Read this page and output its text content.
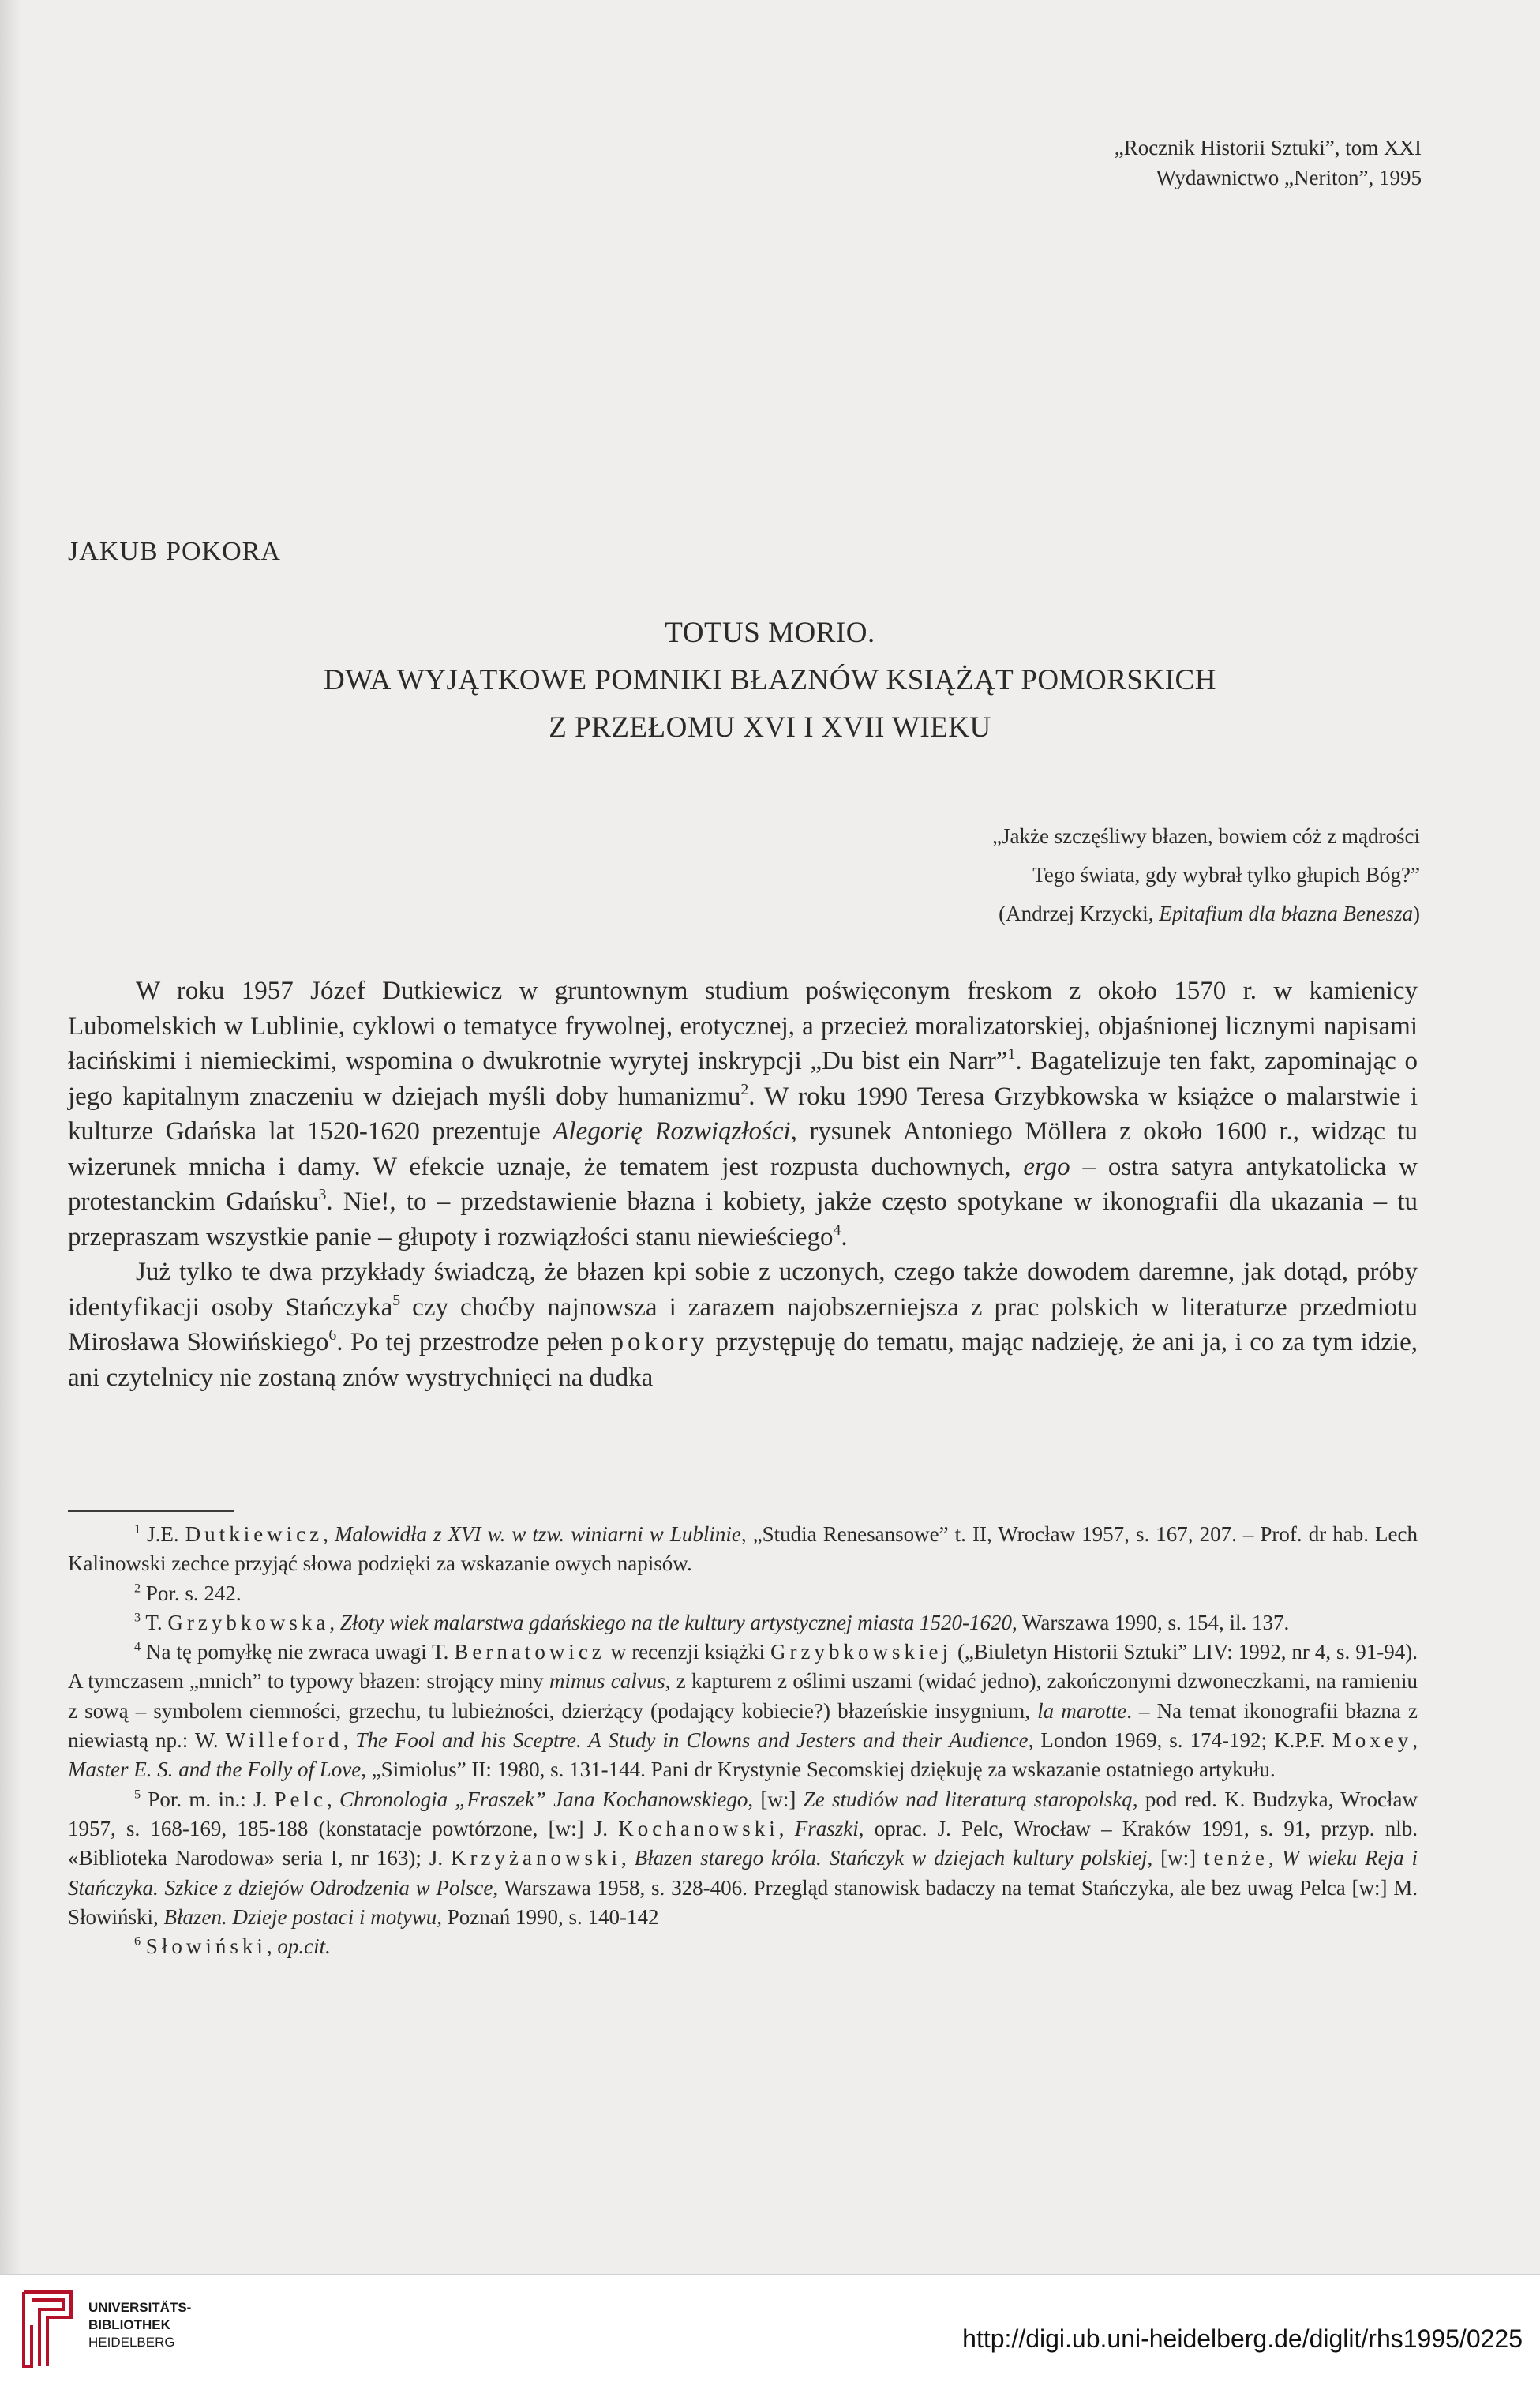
„Rocznik Historii Sztuki”, tom XXI
Wydawnictwo „Neriton”, 1995
JAKUB POKORA
TOTUS MORIO.
DWA WYJĄTKOWE POMNIKI BŁAZNÓW KSIĄŻĄT POMORSKICH
Z PRZEŁOMU XVI I XVII WIEKU
„Jakże szczęśliwy błazen, bowiem cóż z mądrości
Tego świata, gdy wybrał tylko głupich Bóg?”
(Andrzej Krzycki, Epitafium dla błazna Benesza)

W roku 1957 Józef Dutkiewicz w gruntownym studium poświęconym freskom z około 1570 r. w kamienicy Lubomelskich w Lublinie, cyklowi o tematyce frywolnej, erotycznej, a przecież moralizatorskiej, objaśnionej licznymi napisami łacińskimi i niemieckimi, wspomina o dwukrotnie wyrytej inskrypcji „Du bist ein Narr”$^1$. Bagatelizuje ten fakt, zapominając o jego kapitalnym znaczeniu w dziejach myśli doby humanizmu$^2$. W roku 1990 Teresa Grzybkowska w książce o malarstwie i kulturze Gdańska lat 1520-1620 prezentuje Alegorię Rozwiązłości, rysunek Antoniego Möllera z około 1600 r., widząc tu wizerunek mnicha i damy. W efekcie uznaje, że tematem jest rozpusta duchownych, ergo – ostra satyra antykatolicka w protestanckim Gdańsku$^3$. Nie!, to – przedstawienie błazna i kobiety, jakże często spotykane w ikonografii dla ukazania – tu przepraszam wszystkie panie – głupoty i rozwiązłości stanu niewieściego$^4$.

Już tylko te dwa przykłady świadczą, że błazen kpi sobie z uczonych, czego także dowodem daremne, jak dotąd, próby identyfikacji osoby Stańczyka$^5$ czy choćby najnowsza i zarazem najobszerniejsza z prac polskich w literaturze przedmiotu Mirosława Słowińskiego$^6$. Po tej przestrodze pełen pokory przystępuję do tematu, mając nadzieję, że ani ja, i co za tym idzie, ani czytelnicy nie zostaną znów wystrychnięci na dudka

$^1$ J.E. Dutkiewicz, Malowidła z XVI w. w tzw. winiarni w Lublinie, „Studia Renesansowe” t. II, Wrocław 1957, s. 167, 207. – Prof. dr hab. Lech Kalinowski zechce przyjąć słowa podzięki za wskazanie owych napisów.

$^2$ Por. s. 242.

$^3$ T. Grzybkowska, Złoty wiek malarstwa gdańskiego na tle kultury artystycznej miasta 1520-1620, Warszawa 1990, s. 154, il. 137.

$^4$ Na tę pomyłkę nie zwraca uwagi T. Bernatowicz w recenzji książki Grzybkowskiej („Biuletyn Historii Sztuki” LIV: 1992, nr 4, s. 91-94). A tymczasem „mnich” to typowy błazen: strojący miny mimus calvus, z kapturem z oślimi uszami (widać jedno), zakończonymi dzwoneczkami, na ramieniu z sową – symbolem ciemności, grzechu, tu lubieżności, dzierżący (podający kobiecie?) błazeńskie insygnium, la marotte. – Na temat ikonografii błazna z niewiastą np.: W. Willeford, The Fool and his Sceptre. A Study in Clowns and Jesters and their Audience, London 1969, s. 174-192; K.P.F. Moxey, Master E. S. and the Folly of Love, „Simiolus” II: 1980, s. 131-144. Pani dr Krystynie Secomskiej dziękuję za wskazanie ostatniego artykułu.

$^5$ Por. m. in.: J. Pelc, Chronologia „Fraszek” Jana Kochanowskiego, [w:] Ze studiów nad literaturą staropolską, pod red. K. Budzyka, Wrocław 1957, s. 168-169, 185-188 (konstatacje powtórzone, [w:] J. Kochanowski, Fraszki, oprac. J. Pelc, Wrocław – Kraków 1991, s. 91, przyp. nlb. «Biblioteka Narodowa» seria I, nr 163); J. Krzyżanowski, Błazen starego króla. Stańczyk w dziejach kultury polskiej, [w:] tenże, W wieku Reja i Stańczyka. Szkice z dziejów Odrodzenia w Polsce, Warszawa 1958, s. 328-406. Przegląd stanowisk badaczy na temat Stańczyka, ale bez uwag Pelca [w:] M. Słowiński, Błazen. Dzieje postaci i motywu, Poznań 1990, s. 140-142

$^6$ Słowiński, op.cit.

UNIVERSITÄTS-
BIBLIOTHEK
HEIDELBERG	http://digi.ub.uni-heidelberg.de/diglit/rhs1995/0225
